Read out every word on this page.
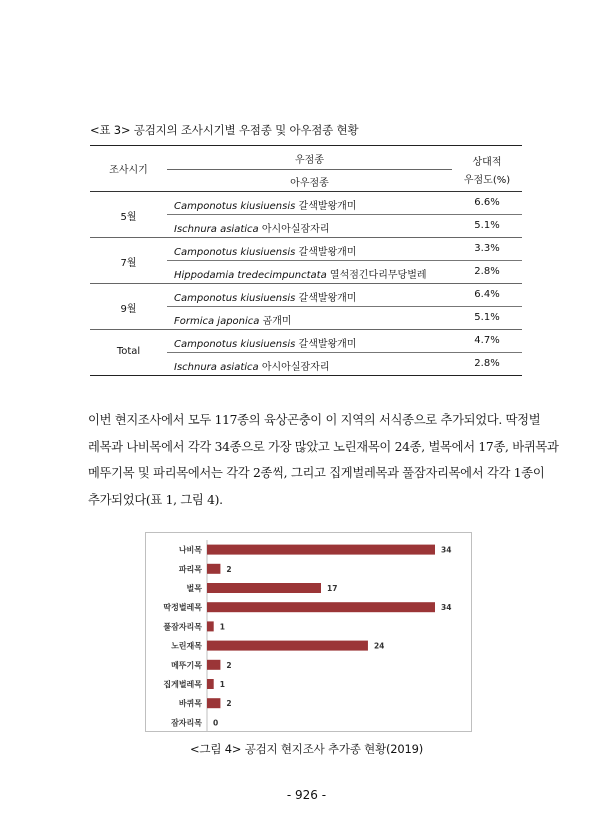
<표 3> 공검지의 조사시기별 우점종 및 아우점종 현황
조사시기
우점종
아우점종
상대적
우점도(%)
5월
Camponotus kiusiuensis 갈색발왕개미	6.6%
Ischnura asiatica 아시아실잠자리	5.1%
7월
Camponotus kiusiuensis 갈색발왕개미	3.3%
Hippodamia tredecimpunctata 열석점긴다리무당벌레	2.8%
9월
Camponotus kiusiuensis 갈색발왕개미	6.4%
Formica japonica 곰개미	5.1%
Total
Camponotus kiusiuensis 갈색발왕개미	4.7%
Ischnura asiatica 아시아실잠자리	2.8%
이번 현지조사에서 모두 117종의 육상곤충이 이 지역의 서식종으로 추가되었다. 딱정벌
레목과 나비목에서 각각 34종으로 가장 많았고 노린재목이 24종, 벌목에서 17종, 바퀴목과
메뚜기목 및 파리목에서는 각각 2종씩, 그리고 집게벌레목과 풀잠자리목에서 각각 1종이
추가되었다(표 1, 그림 4).
나비목	34
파리목	2
벌목	17
딱정벌레목	34
풀잠자리목 1
노린재목	24
메뚜기목	2
집게벌레목 1
바퀴목	2
잠자리목 0
<그림 4> 공검지 현지조사 추가종 현황(2019)
- 926 -
